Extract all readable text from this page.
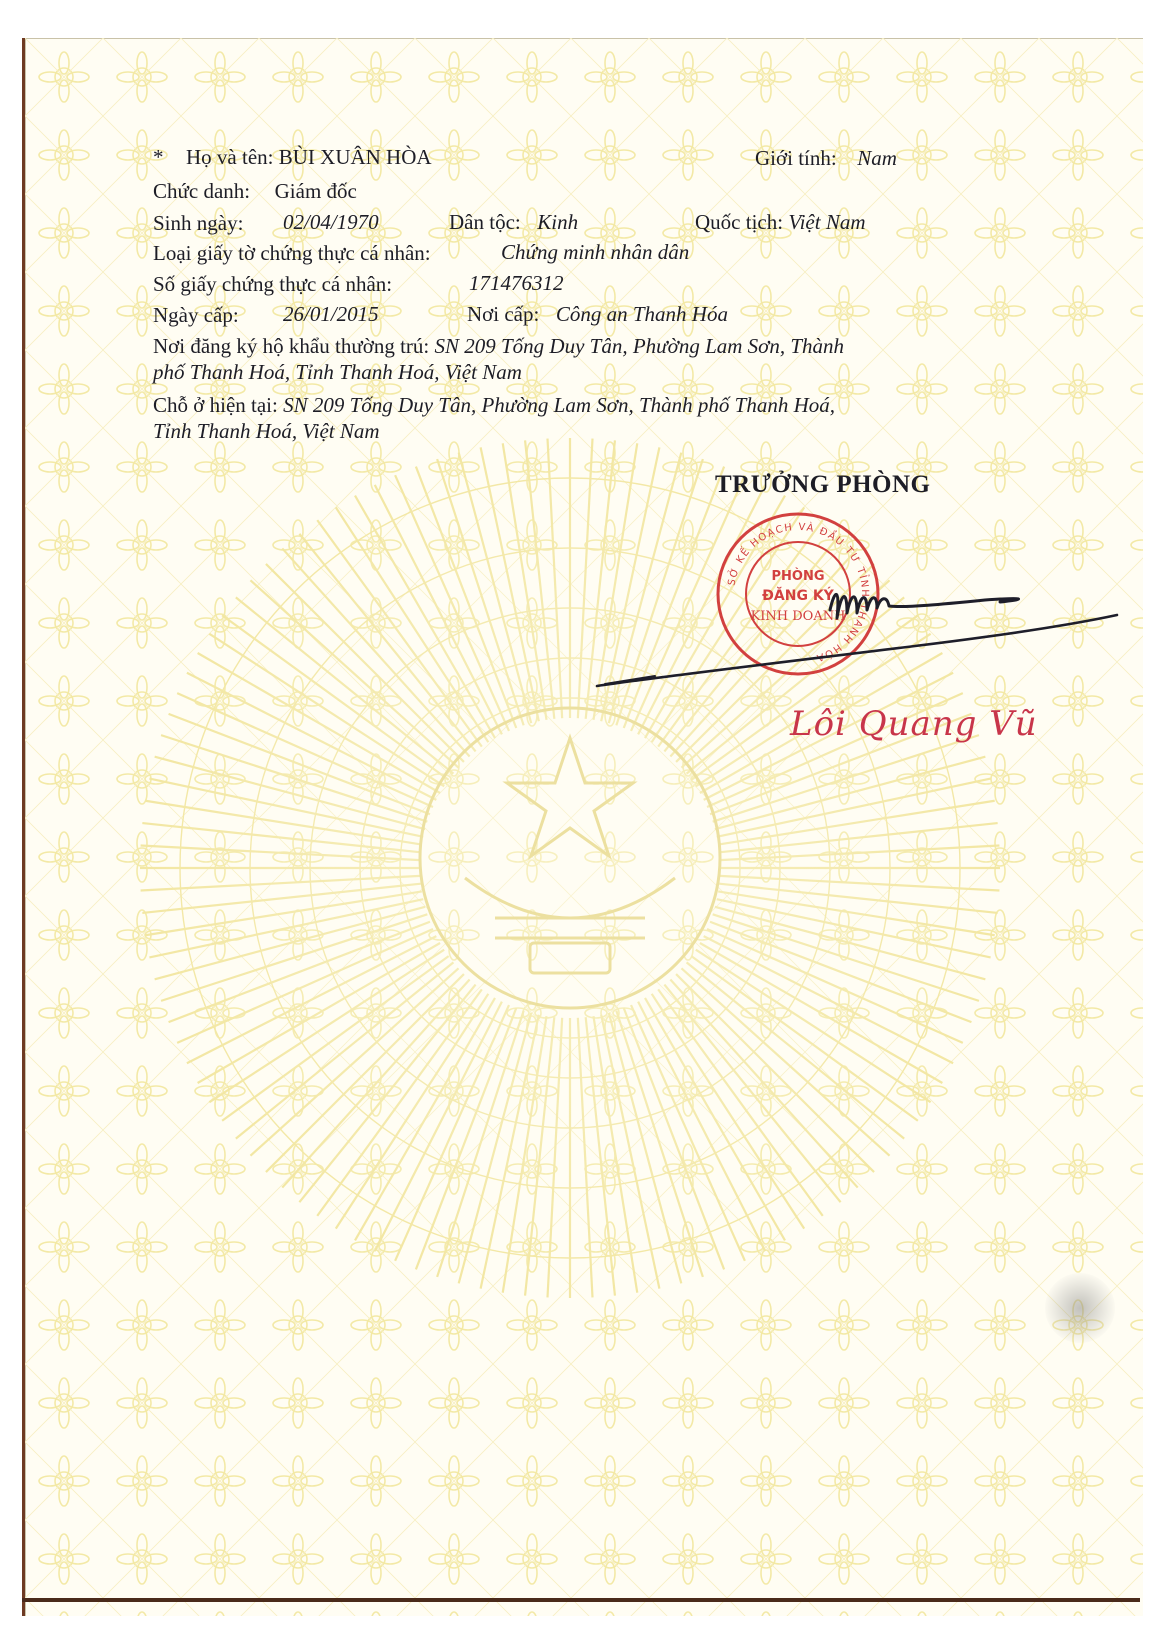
* Họ và tên: BÙI XUÂN HÒA	Giới tính: Nam
Chức danh: Giám đốc
Sinh ngày: 02/04/1970	Dân tộc: Kinh	Quốc tịch: Việt Nam
Loại giấy tờ chứng thực cá nhân:	Chứng minh nhân dân
Số giấy chứng thực cá nhân:	171476312
Ngày cấp: 26/01/2015	Nơi cấp: Công an Thanh Hóa
Nơi đăng ký hộ khẩu thường trú: SN 209 Tống Duy Tân, Phường Lam Sơn, Thành
phố Thanh Hoá, Tỉnh Thanh Hoá, Việt Nam
Chỗ ở hiện tại: SN 209 Tống Duy Tân, Phường Lam Sơn, Thành phố Thanh Hoá,
Tỉnh Thanh Hoá, Việt Nam
TRƯỞNG PHÒNG
SỞ KẾ HOẠCH VÀ ĐẦU TƯ TỈNH THANH HÓA
PHÒNG
ĐĂNG KÝ
KINH DOANH
Lôi Quang Vũ
